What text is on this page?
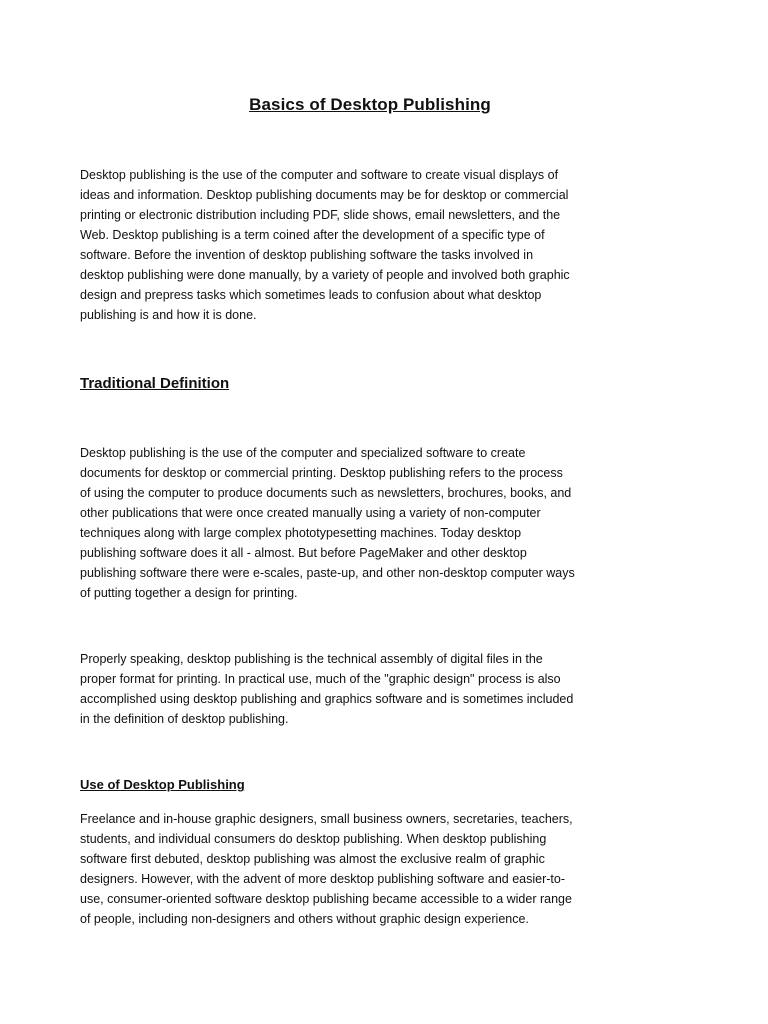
Basics of Desktop Publishing

Desktop publishing is the use of the computer and software to create visual displays of
ideas and information. Desktop publishing documents may be for desktop or commercial
printing or electronic distribution including PDF, slide shows, email newsletters, and the
Web. Desktop publishing is a term coined after the development of a specific type of
software. Before the invention of desktop publishing software the tasks involved in
desktop publishing were done manually, by a variety of people and involved both graphic
design and prepress tasks which sometimes leads to confusion about what desktop
publishing is and how it is done.

Traditional Definition

Desktop publishing is the use of the computer and specialized software to create
documents for desktop or commercial printing. Desktop publishing refers to the process
of using the computer to produce documents such as newsletters, brochures, books, and
other publications that were once created manually using a variety of non-computer
techniques along with large complex phototypesetting machines. Today desktop
publishing software does it all - almost. But before PageMaker and other desktop
publishing software there were e-scales, paste-up, and other non-desktop computer ways
of putting together a design for printing.

Properly speaking, desktop publishing is the technical assembly of digital files in the
proper format for printing. In practical use, much of the "graphic design" process is also
accomplished using desktop publishing and graphics software and is sometimes included
in the definition of desktop publishing.

Use of Desktop Publishing

Freelance and in-house graphic designers, small business owners, secretaries, teachers,
students, and individual consumers do desktop publishing. When desktop publishing
software first debuted, desktop publishing was almost the exclusive realm of graphic
designers. However, with the advent of more desktop publishing software and easier-to-
use, consumer-oriented software desktop publishing became accessible to a wider range
of people, including non-designers and others without graphic design experience.
